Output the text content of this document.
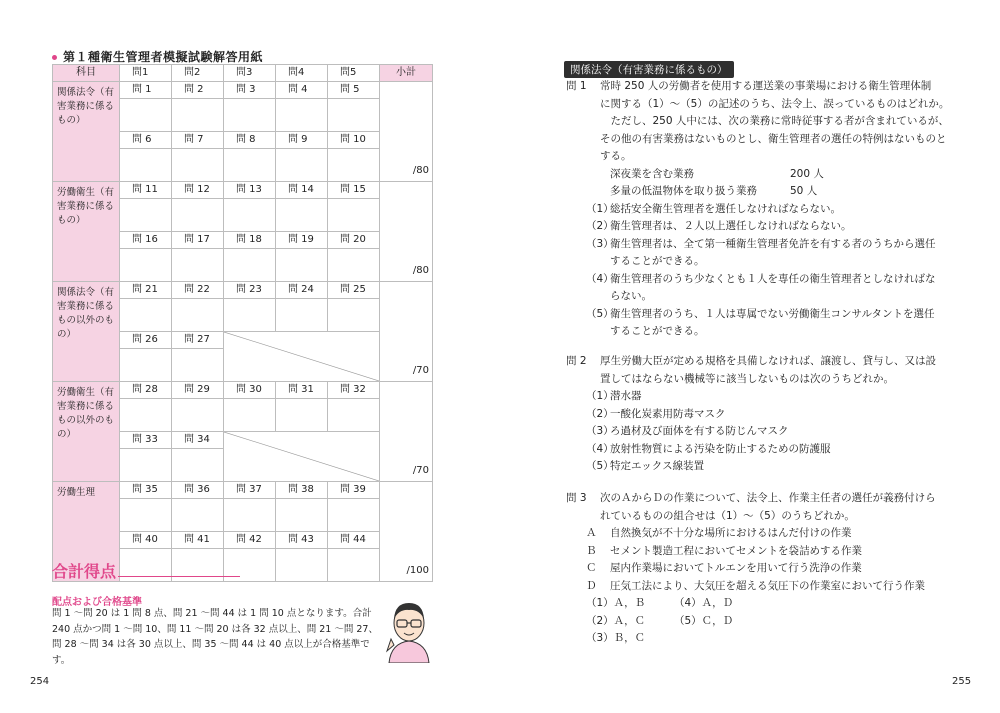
第１種衛生管理者模擬試験解答用紙
科目	問1	問2	問3	問4	問5	小計
関係法令（有害業務に係るもの）	問 1	問 2	問 3	問 4	問 5	/80

	問 6	問 7	問 8	問 9	問 10	

労働衛生（有害業務に係るもの）	問 11	問 12	問 13	問 14	問 15	/80

	問 16	問 17	問 18	問 19	問 20	

関係法令（有害業務に係るもの以外のもの）	問 21	問 22	問 23	問 24	問 25	/70

	問 26	問 27	

労働衛生（有害業務に係るもの以外のもの）	問 28	問 29	問 30	問 31	問 32	/70

	問 33	問 34	

労働生理	問 35	問 36	問 37	問 38	問 39	/100

	問 40	問 41	問 42	問 43	問 44	

合計得点
配点および合格基準
問 1 〜問 20 は 1 問 8 点、問 21 〜問 44 は 1 問 10 点となります。合計
240 点かつ問 1 〜問 10、問 11 〜問 20 は各 32 点以上、問 21 〜問 27、
問 28 〜問 34 は各 30 点以上、問 35 〜問 44 は 40 点以上が合格基準です。
254	255
関係法令（有害業務に係るもの）
問 1	常時 250 人の労働者を使用する運送業の事業場における衛生管理体制
に関する（1）〜（5）の記述のうち、法令上、誤っているものはどれか。
　ただし、250 人中には、次の業務に常時従事する者が含まれているが、
その他の有害業務はないものとし、衛生管理者の選任の特例はないものと
する。
深夜業を含む業務	200 人
多量の低温物体を取り扱う業務	50 人
（1）
総括安全衛生管理者を選任しなければならない。
（2）
衛生管理者は、２人以上選任しなければならない。
（3）
衛生管理者は、全て第一種衛生管理者免許を有する者のうちから選任
することができる。
（4）
衛生管理者のうち少なくとも１人を専任の衛生管理者としなければな
らない。
（5）
衛生管理者のうち、１人は専属でない労働衛生コンサルタントを選任
することができる。
問 2	厚生労働大臣が定める規格を具備しなければ、譲渡し、貸与し、又は設
置してはならない機械等に該当しないものは次のうちどれか。
（1）
潜水器
（2）
一酸化炭素用防毒マスク
（3）
ろ過材及び面体を有する防じんマスク
（4）
放射性物質による汚染を防止するための防護服
（5）
特定エックス線装置
問 3	次のＡからＤの作業について、法令上、作業主任者の選任が義務付けら
れているものの組合せは（1）〜（5）のうちどれか。
Ａ	自然換気が不十分な場所におけるはんだ付けの作業
Ｂ	セメント製造工程においてセメントを袋詰めする作業
Ｃ	屋内作業場においてトルエンを用いて行う洗浄の作業
Ｄ	圧気工法により、大気圧を超える気圧下の作業室において行う作業
（1）Ａ，Ｂ	（4）Ａ，Ｄ
（2）Ａ，Ｃ	（5）Ｃ，Ｄ
（3）Ｂ，Ｃ
